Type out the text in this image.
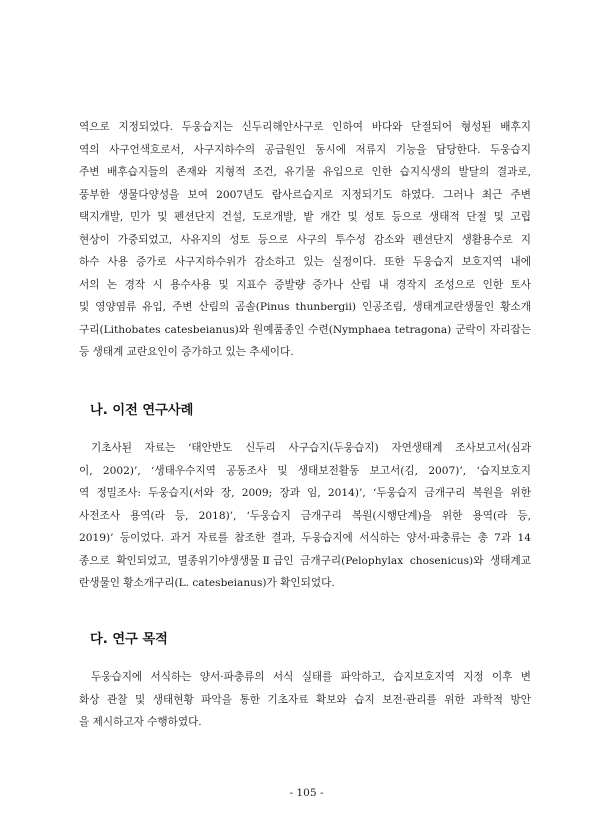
역으로 지정되었다. 두웅습지는 신두리해안사구로 인하여 바다와 단절되어 형성된 배후지
역의 사구언색호로서, 사구지하수의 공급원인 동시에 저류지 기능을 담당한다. 두웅습지
주변 배후습지들의 존재와 지형적 조건, 유기물 유입으로 인한 습지식생의 발달의 결과로,
풍부한 생물다양성을 보여 2007년도 람사르습지로 지정되기도 하였다. 그러나 최근 주변
택지개발, 민가 및 펜션단지 건설, 도로개발, 밭 개간 및 성토 등으로 생태적 단절 및 고립
현상이 가중되었고, 사유지의 성토 등으로 사구의 투수성 감소와 펜션단지 생활용수로 지
하수 사용 증가로 사구지하수위가 감소하고 있는 실정이다. 또한 두웅습지 보호지역 내에
서의 논 경작 시 용수사용 및 지표수 증발량 증가나 산림 내 경작지 조성으로 인한 토사
및 영양염류 유입, 주변 산림의 곰솔(Pinus thunbergii) 인공조림, 생태계교란생물인 황소개
구리(Lithobates catesbeianus)와 원예품종인 수련(Nymphaea tetragona) 군락이 자리잡는
등 생태계 교란요인이 증가하고 있는 추세이다.
나. 이전 연구사례
기초사된 자료는 ‘태안반도 신두리 사구습지(두웅습지) 자연생태계 조사보고서(심과
이, 2002)’, ‘생태우수지역 공동조사 및 생태보전활동 보고서(김, 2007)’, ‘습지보호지
역 정밀조사: 두웅습지(서와 장, 2009; 장과 임, 2014)’, ‘두웅습지 금개구리 복원을 위한
사전조사 용역(라 등, 2018)’, ‘두웅습지 금개구리 복원(시행단계)을 위한 용역(라 등,
2019)’ 등이었다. 과거 자료를 참조한 결과, 두웅습지에 서식하는 양서·파충류는 총 7과 14
종으로 확인되었고, 멸종위기야생생물Ⅱ급인 금개구리(Pelophylax chosenicus)와 생태계교
란생물인 황소개구리(L. catesbeianus)가 확인되었다.
다. 연구 목적
두웅습지에 서식하는 양서·파충류의 서식 실태를 파악하고, 습지보호지역 지정 이후 변
화상 관찰 및 생태현황 파악을 통한 기초자료 확보와 습지 보전·관리를 위한 과학적 방안
을 제시하고자 수행하였다.
- 105 -
